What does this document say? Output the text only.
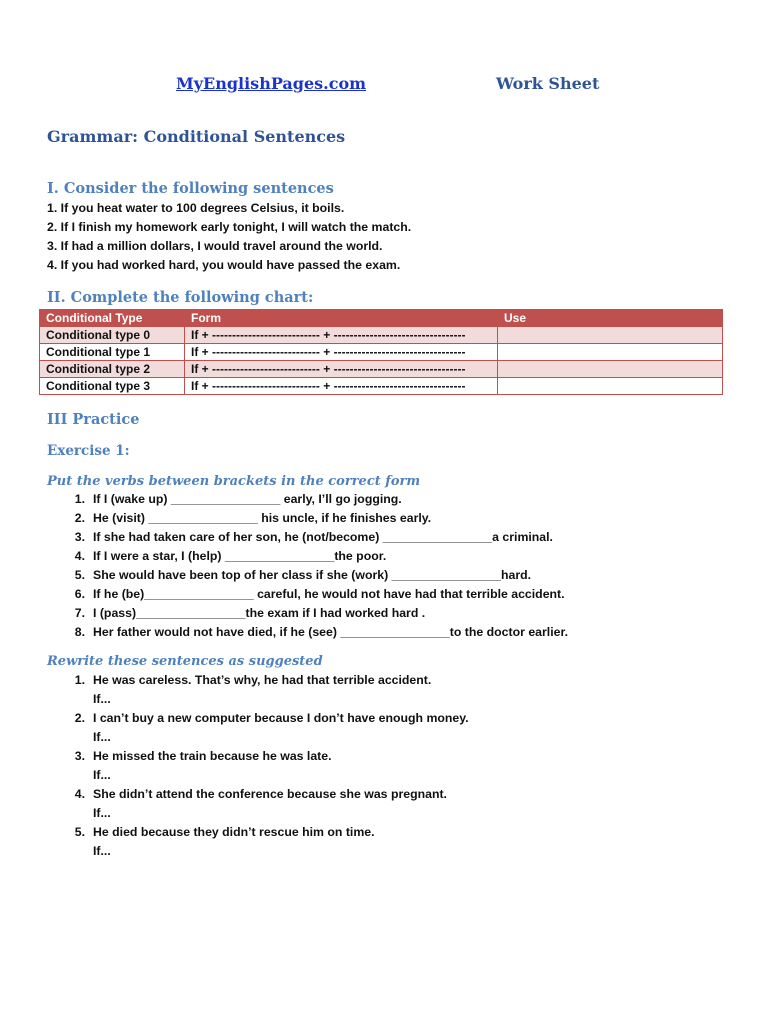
MyEnglishPages.com	Work Sheet
Grammar: Conditional Sentences
I. Consider the following sentences
1. If you heat water to 100 degrees Celsius, it boils.
2. If I finish my homework early tonight, I will watch the match.
3. If had a million dollars, I would travel around the world.
4. If you had worked hard, you would have passed the exam.
II. Complete the following chart:
Conditional Type	Form	Use
Conditional type 0	If + --------------------------- + ---------------------------------	
Conditional type 1	If + --------------------------- + ---------------------------------	
Conditional type 2	If + --------------------------- + ---------------------------------	
Conditional type 3	If + --------------------------- + ---------------------------------	
III Practice
Exercise 1:
Put the verbs between brackets in the correct form
1. If I (wake up) ________________ early, I’ll go jogging.
2. He (visit) ________________ his uncle, if he finishes early.
3. If she had taken care of her son, he (not/become) ________________a criminal.
4. If I were a star, I (help) ________________the poor.
5. She would have been top of her class if she (work) ________________hard.
6. If he (be)________________ careful, he would not have had that terrible accident.
7. I (pass)________________the exam if I had worked hard .
8. Her father would not have died, if he (see) ________________to the doctor earlier.
Rewrite these sentences as suggested
1. He was careless. That’s why, he had that terrible accident.
If...
2. I can’t buy a new computer because I don’t have enough money.
If...
3. He missed the train because he was late.
If...
4. She didn’t attend the conference because she was pregnant.
If...
5. He died because they didn’t rescue him on time.
If...
